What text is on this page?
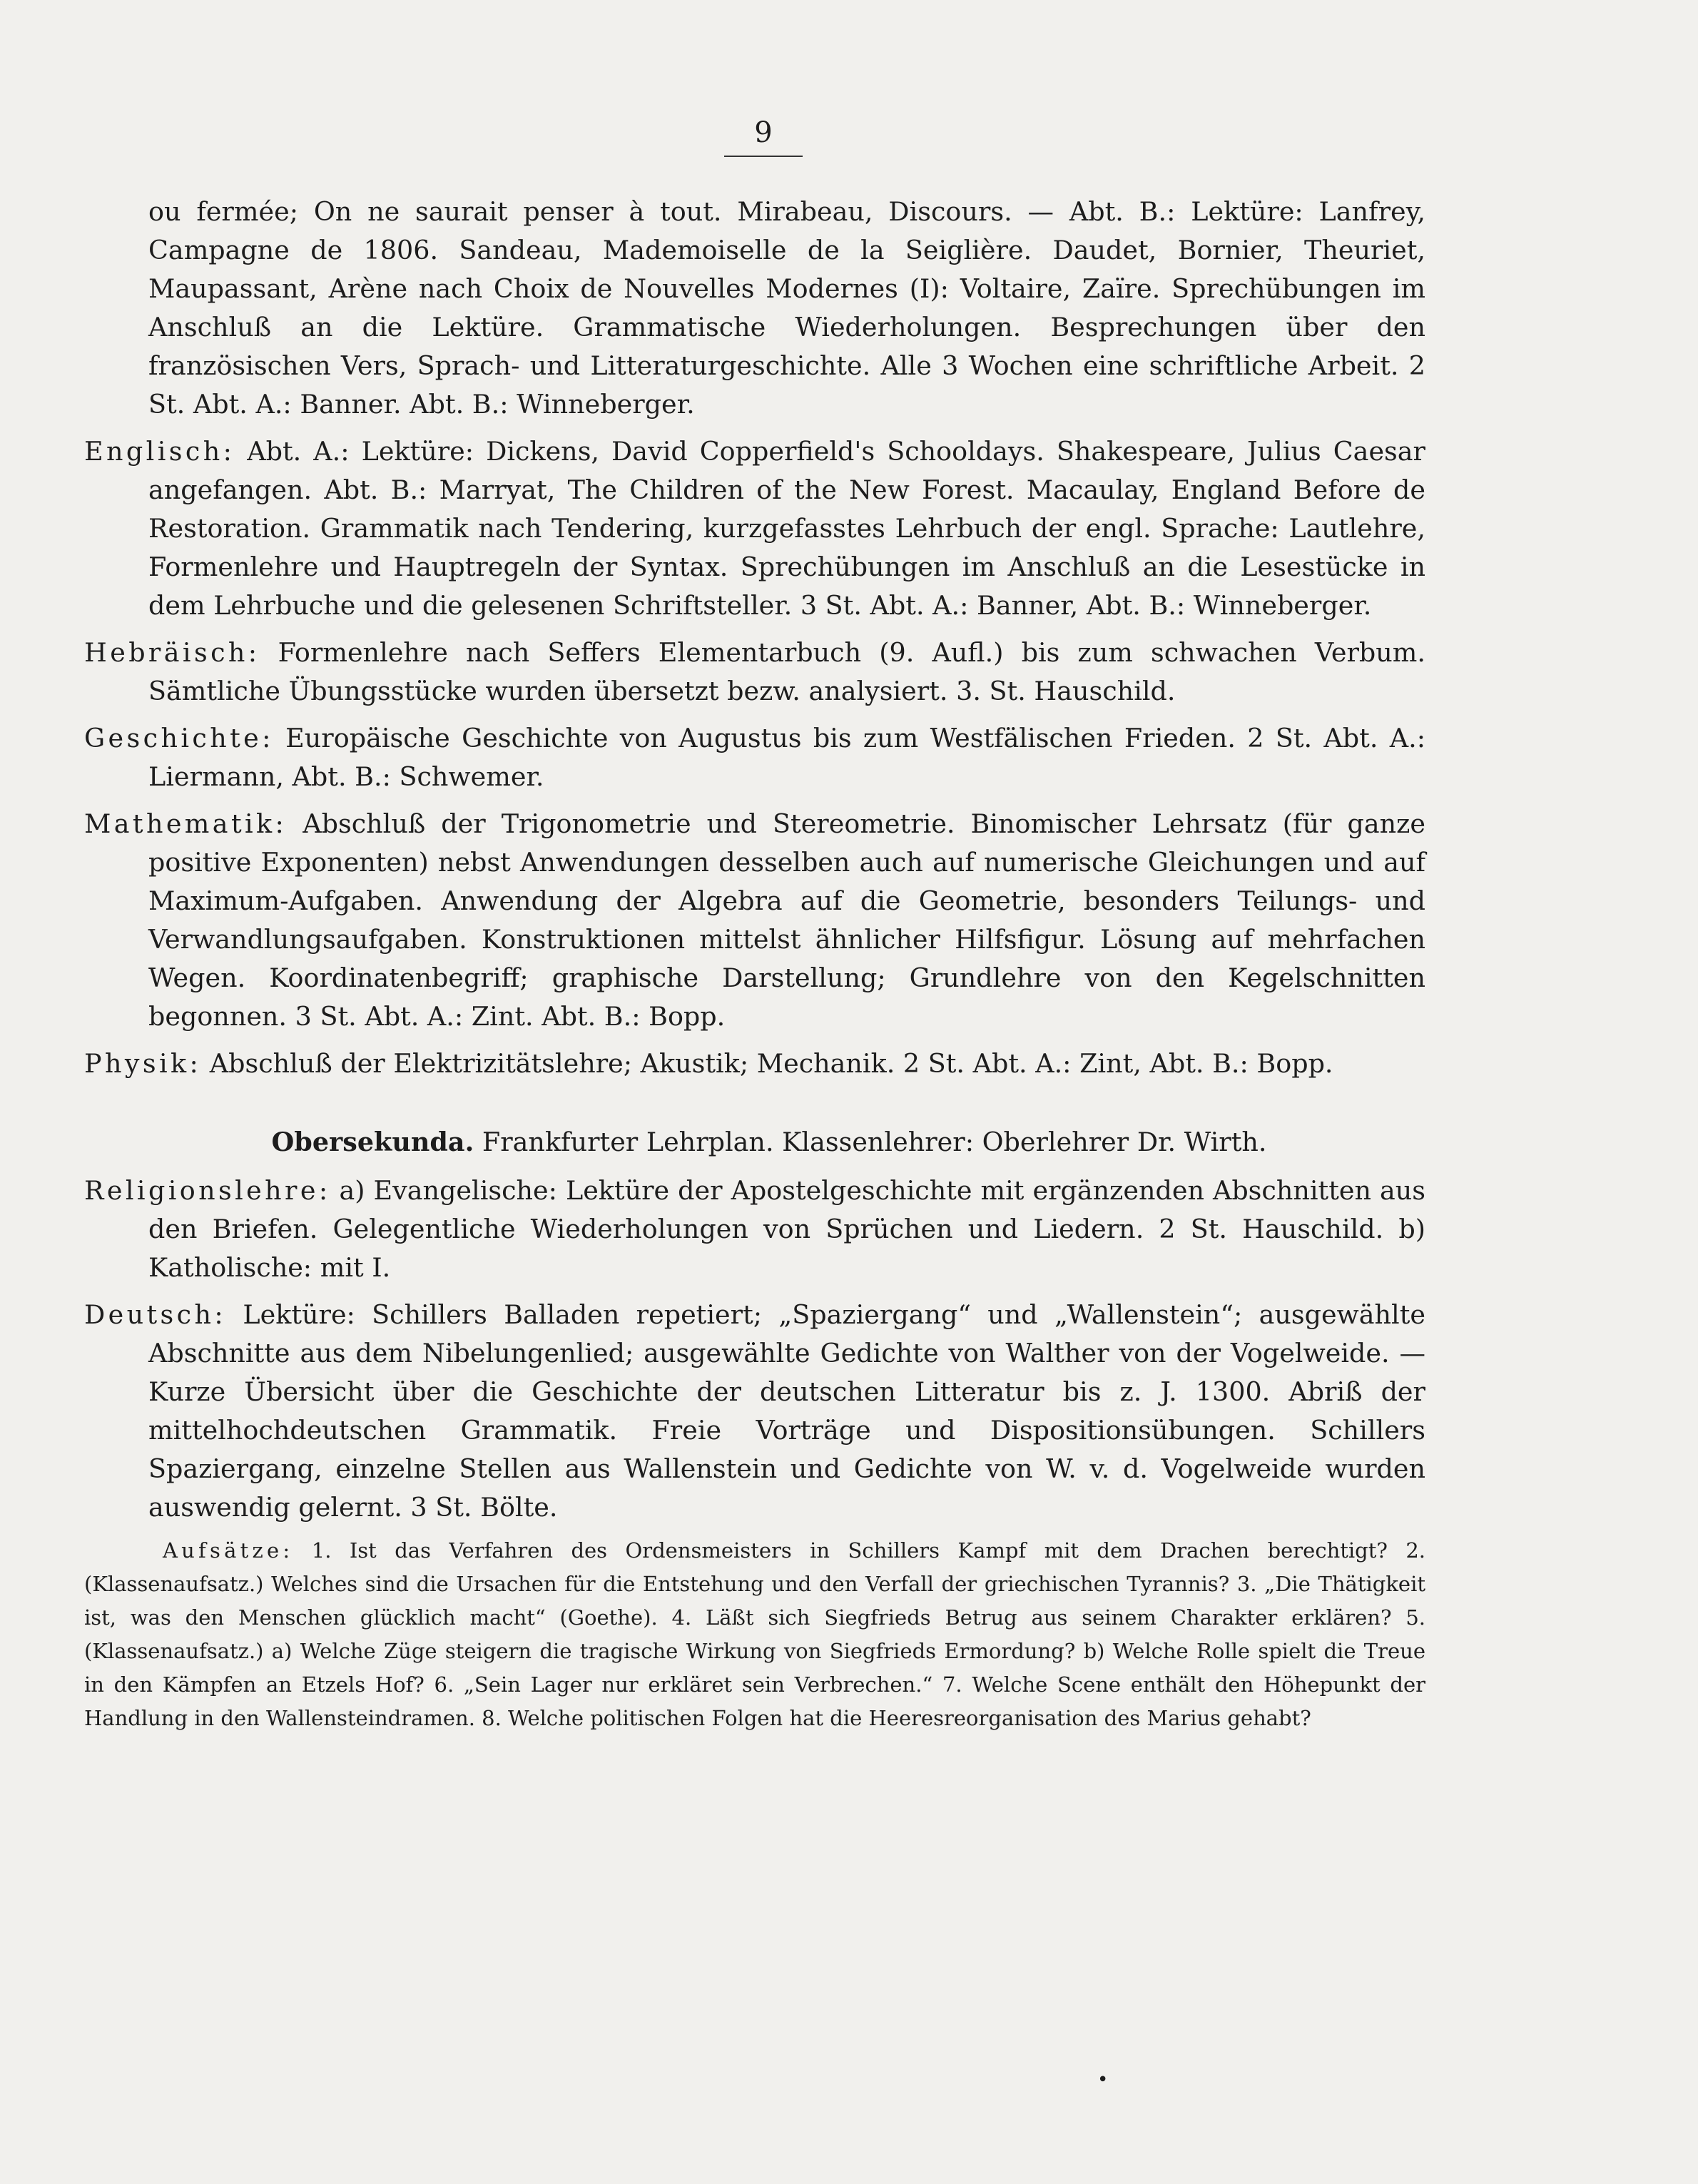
9

ou fermée; On ne saurait penser à tout. Mirabeau, Discours. — Abt. B.: Lektüre: Lanfrey, Campagne de 1806. Sandeau, Mademoiselle de la Seiglière. Daudet, Bornier, Theuriet, Maupassant, Arène nach Choix de Nouvelles Modernes (I): Voltaire, Zaïre. Sprechübungen im Anschluß an die Lektüre. Grammatische Wiederholungen. Besprechungen über den französischen Vers, Sprach- und Litteraturgeschichte. Alle 3 Wochen eine schriftliche Arbeit. 2 St. Abt. A.: Banner. Abt. B.: Winneberger.

Englisch: Abt. A.: Lektüre: Dickens, David Copperfield's Schooldays. Shakespeare, Julius Caesar angefangen. Abt. B.: Marryat, The Children of the New Forest. Macaulay, England Before de Restoration. Grammatik nach Tendering, kurzgefasstes Lehrbuch der engl. Sprache: Lautlehre, Formenlehre und Hauptregeln der Syntax. Sprechübungen im Anschluß an die Lesestücke in dem Lehrbuche und die gelesenen Schriftsteller. 3 St. Abt. A.: Banner, Abt. B.: Winneberger.

Hebräisch: Formenlehre nach Seffers Elementarbuch (9. Aufl.) bis zum schwachen Verbum. Sämtliche Übungsstücke wurden übersetzt bezw. analysiert. 3. St. Hauschild.

Geschichte: Europäische Geschichte von Augustus bis zum Westfälischen Frieden. 2 St. Abt. A.: Liermann, Abt. B.: Schwemer.

Mathematik: Abschluß der Trigonometrie und Stereometrie. Binomischer Lehrsatz (für ganze positive Exponenten) nebst Anwendungen desselben auch auf numerische Gleichungen und auf Maximum-Aufgaben. Anwendung der Algebra auf die Geometrie, besonders Teilungs- und Verwandlungsaufgaben. Konstruktionen mittelst ähnlicher Hilfsfigur. Lösung auf mehrfachen Wegen. Koordinatenbegriff; graphische Darstellung; Grundlehre von den Kegelschnitten begonnen. 3 St. Abt. A.: Zint. Abt. B.: Bopp.

Physik: Abschluß der Elektrizitätslehre; Akustik; Mechanik. 2 St. Abt. A.: Zint, Abt. B.: Bopp.

Obersekunda. Frankfurter Lehrplan. Klassenlehrer: Oberlehrer Dr. Wirth.

Religionslehre: a) Evangelische: Lektüre der Apostelgeschichte mit ergänzenden Abschnitten aus den Briefen. Gelegentliche Wiederholungen von Sprüchen und Liedern. 2 St. Hauschild. b) Katholische: mit I.

Deutsch: Lektüre: Schillers Balladen repetiert; „Spaziergang“ und „Wallenstein“; ausgewählte Abschnitte aus dem Nibelungenlied; ausgewählte Gedichte von Walther von der Vogelweide. — Kurze Übersicht über die Geschichte der deutschen Litteratur bis z. J. 1300. Abriß der mittelhochdeutschen Grammatik. Freie Vorträge und Dispositionsübungen. Schillers Spaziergang, einzelne Stellen aus Wallenstein und Gedichte von W. v. d. Vogelweide wurden auswendig gelernt. 3 St. Bölte.

Aufsätze: 1. Ist das Verfahren des Ordensmeisters in Schillers Kampf mit dem Drachen berechtigt? 2. (Klassenaufsatz.) Welches sind die Ursachen für die Entstehung und den Verfall der griechischen Tyrannis? 3. „Die Thätigkeit ist, was den Menschen glücklich macht“ (Goethe). 4. Läßt sich Siegfrieds Betrug aus seinem Charakter erklären? 5. (Klassenaufsatz.) a) Welche Züge steigern die tragische Wirkung von Siegfrieds Ermordung? b) Welche Rolle spielt die Treue in den Kämpfen an Etzels Hof? 6. „Sein Lager nur erkläret sein Verbrechen.“ 7. Welche Scene enthält den Höhepunkt der Handlung in den Wallensteindramen. 8. Welche politischen Folgen hat die Heeresreorganisation des Marius gehabt?

•
